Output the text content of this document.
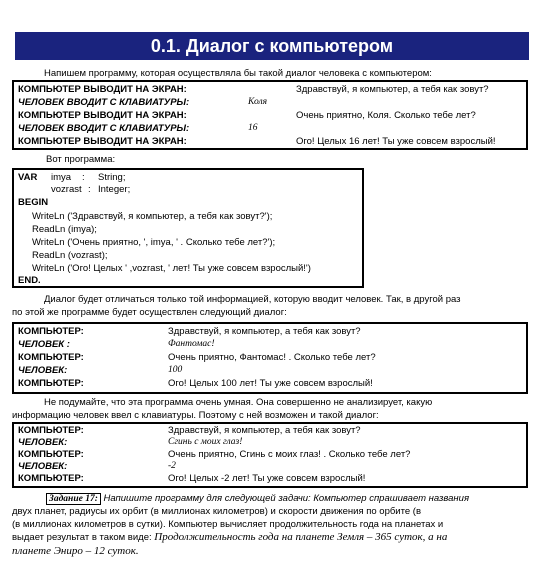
0.1. Диалог с компьютером
Напишем программу, которая осуществляла бы такой диалог человека с компьютером:
КОМПЬЮТЕР ВЫВОДИТ НА ЭКРАН:	Здравствуй, я компьютер, а тебя как зовут?
ЧЕЛОВЕК ВВОДИТ С КЛАВИАТУРЫ:	Коля
КОМПЬЮТЕР ВЫВОДИТ НА ЭКРАН:	Очень приятно, Коля. Сколько тебе лет?
ЧЕЛОВЕК ВВОДИТ С КЛАВИАТУРЫ:	16
КОМПЬЮТЕР ВЫВОДИТ НА ЭКРАН:	Ого! Целых 16 лет! Ты уже совсем взрослый!
Вот программа:
VAR imya : String;
vozrast : Integer;
BEGIN
WriteLn ('Здравствуй, я компьютер, а тебя как зовут?');
ReadLn (imya);
WriteLn ('Очень приятно, ', imya, ' . Сколько тебе лет?');
ReadLn (vozrast);
WriteLn ('Ого! Целых ' ,vozrast, ' лет! Ты уже совсем взрослый!')
END.
Диалог будет отличаться только той информацией, которую вводит человек. Так, в другой раз
по этой же программе будет осуществлен следующий диалог:
КОМПЬЮТЕР:	Здравствуй, я компьютер, а тебя как зовут?
ЧЕЛОВЕК :	Фантомас!
КОМПЬЮТЕР:	Очень приятно, Фантомас! . Сколько тебе лет?
ЧЕЛОВЕК:	100
КОМПЬЮТЕР:	Ого! Целых 100 лет! Ты уже совсем взрослый!
Не подумайте, что эта программа очень умная. Она совершенно не анализирует, какую
информацию человек ввел с клавиатуры. Поэтому с ней возможен и такой диалог:
КОМПЬЮТЕР:	Здравствуй, я компьютер, а тебя как зовут?
ЧЕЛОВЕК:	Сгинь с моих глаз!
КОМПЬЮТЕР:	Очень приятно, Сгинь с моих глаз! . Сколько тебе лет?
ЧЕЛОВЕК:	-2
КОМПЬЮТЕР:	Ого! Целых -2 лет! Ты уже совсем взрослый!
Задание 17: Напишите программу для следующей задачи: Компьютер спрашивает названия
двух планет, радиусы их орбит (в миллионах километров) и скорости движения по орбите (в
(в миллионах километров в сутки). Компьютер вычисляет продолжительность года на планетах и
выдает результат в таком виде: Продолжительность года на планете Земля – 365 суток, а на
планете Эниро – 12 суток.
